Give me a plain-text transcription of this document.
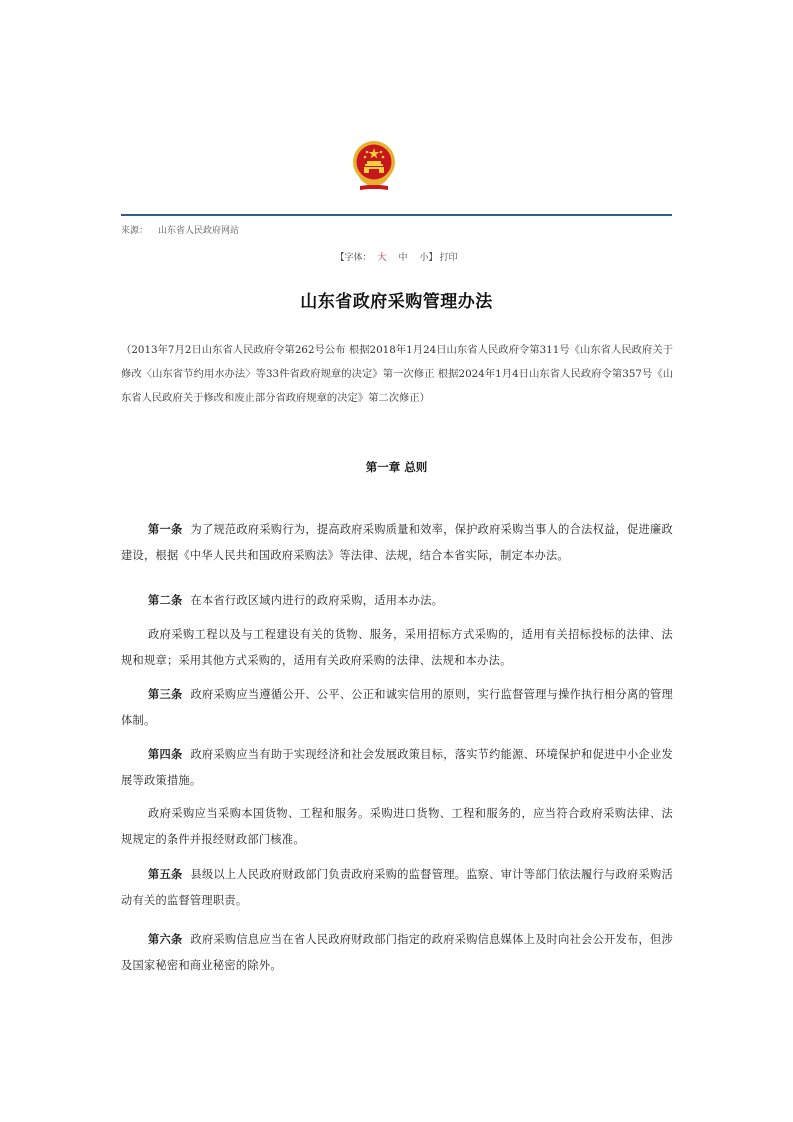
来源： 山东省人民政府网站
【字体： 大 中 小】 打印
山东省政府采购管理办法
（2013年7月2日山东省人民政府令第262号公布 根据2018年1月24日山东省人民政府令第311号《山东省人民政府关于修改〈山东省节约用水办法〉等33件省政府规章的决定》第一次修正 根据2024年1月4日山东省人民政府令第357号《山东省人民政府关于修改和废止部分省政府规章的决定》第二次修正）
第一章 总则

第一条 为了规范政府采购行为，提高政府采购质量和效率，保护政府采购当事人的合法权益，促进廉政建设，根据《中华人民共和国政府采购法》等法律、法规，结合本省实际，制定本办法。

第二条 在本省行政区域内进行的政府采购，适用本办法。

政府采购工程以及与工程建设有关的货物、服务，采用招标方式采购的，适用有关招标投标的法律、法规和规章；采用其他方式采购的，适用有关政府采购的法律、法规和本办法。

第三条 政府采购应当遵循公开、公平、公正和诚实信用的原则，实行监督管理与操作执行相分离的管理体制。

第四条 政府采购应当有助于实现经济和社会发展政策目标，落实节约能源、环境保护和促进中小企业发展等政策措施。

政府采购应当采购本国货物、工程和服务。采购进口货物、工程和服务的，应当符合政府采购法律、法规规定的条件并报经财政部门核准。

第五条 县级以上人民政府财政部门负责政府采购的监督管理。监察、审计等部门依法履行与政府采购活动有关的监督管理职责。

第六条 政府采购信息应当在省人民政府财政部门指定的政府采购信息媒体上及时向社会公开发布，但涉及国家秘密和商业秘密的除外。
